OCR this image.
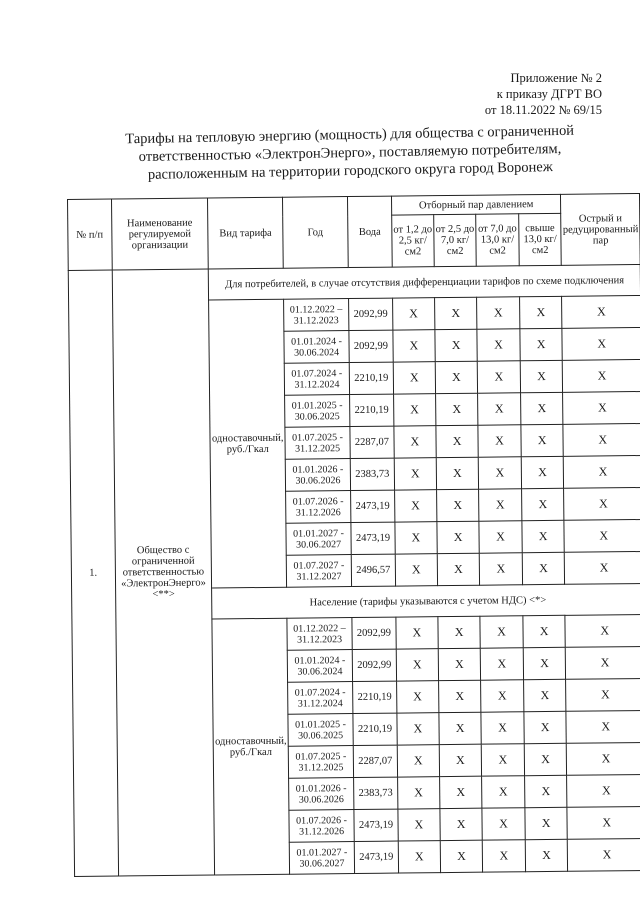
Приложение № 2
к приказу ДГРТ ВО
от 18.11.2022 № 69/15
Тарифы на тепловую энергию (мощность) для общества с ограниченной
ответственностью «ЭлектронЭнерго», поставляемую потребителям,
расположенным на территории городского округа город Воронеж
№ п/п	Наименование регулируемой организации	Вид тарифа	Год	Вода	Отборный пар давлением				Острый и редуцированный пар
					от 1,2 до 2,5 кг/см2	от 2,5 до 7,0 кг/см2	от 7,0 до 13,0 кг/см2	свыше 13,0 кг/см2	
1.	Общество с ограниченной ответственностью «ЭлектронЭнерго» <**>	Для потребителей, в случае отсутствия дифференциации тарифов по схеме подключения							
		одноставочный, руб./Гкал	01.12.2022 – 31.12.2023	2092,99	X	X	X	X	X
			01.01.2024 - 30.06.2024	2092,99	X	X	X	X	X
			01.07.2024 - 31.12.2024	2210,19	X	X	X	X	X
			01.01.2025 - 30.06.2025	2210,19	X	X	X	X	X
			01.07.2025 - 31.12.2025	2287,07	X	X	X	X	X
			01.01.2026 - 30.06.2026	2383,73	X	X	X	X	X
			01.07.2026 - 31.12.2026	2473,19	X	X	X	X	X
			01.01.2027 - 30.06.2027	2473,19	X	X	X	X	X
			01.07.2027 - 31.12.2027	2496,57	X	X	X	X	X
		Население (тарифы указываются с учетом НДС) <*>							
		одноставочный, руб./Гкал	01.12.2022 – 31.12.2023	2092,99	X	X	X	X	X
			01.01.2024 - 30.06.2024	2092,99	X	X	X	X	X
			01.07.2024 - 31.12.2024	2210,19	X	X	X	X	X
			01.01.2025 - 30.06.2025	2210,19	X	X	X	X	X
			01.07.2025 - 31.12.2025	2287,07	X	X	X	X	X
			01.01.2026 - 30.06.2026	2383,73	X	X	X	X	X
			01.07.2026 - 31.12.2026	2473,19	X	X	X	X	X
			01.01.2027 - 30.06.2027	2473,19	X	X	X	X	X
